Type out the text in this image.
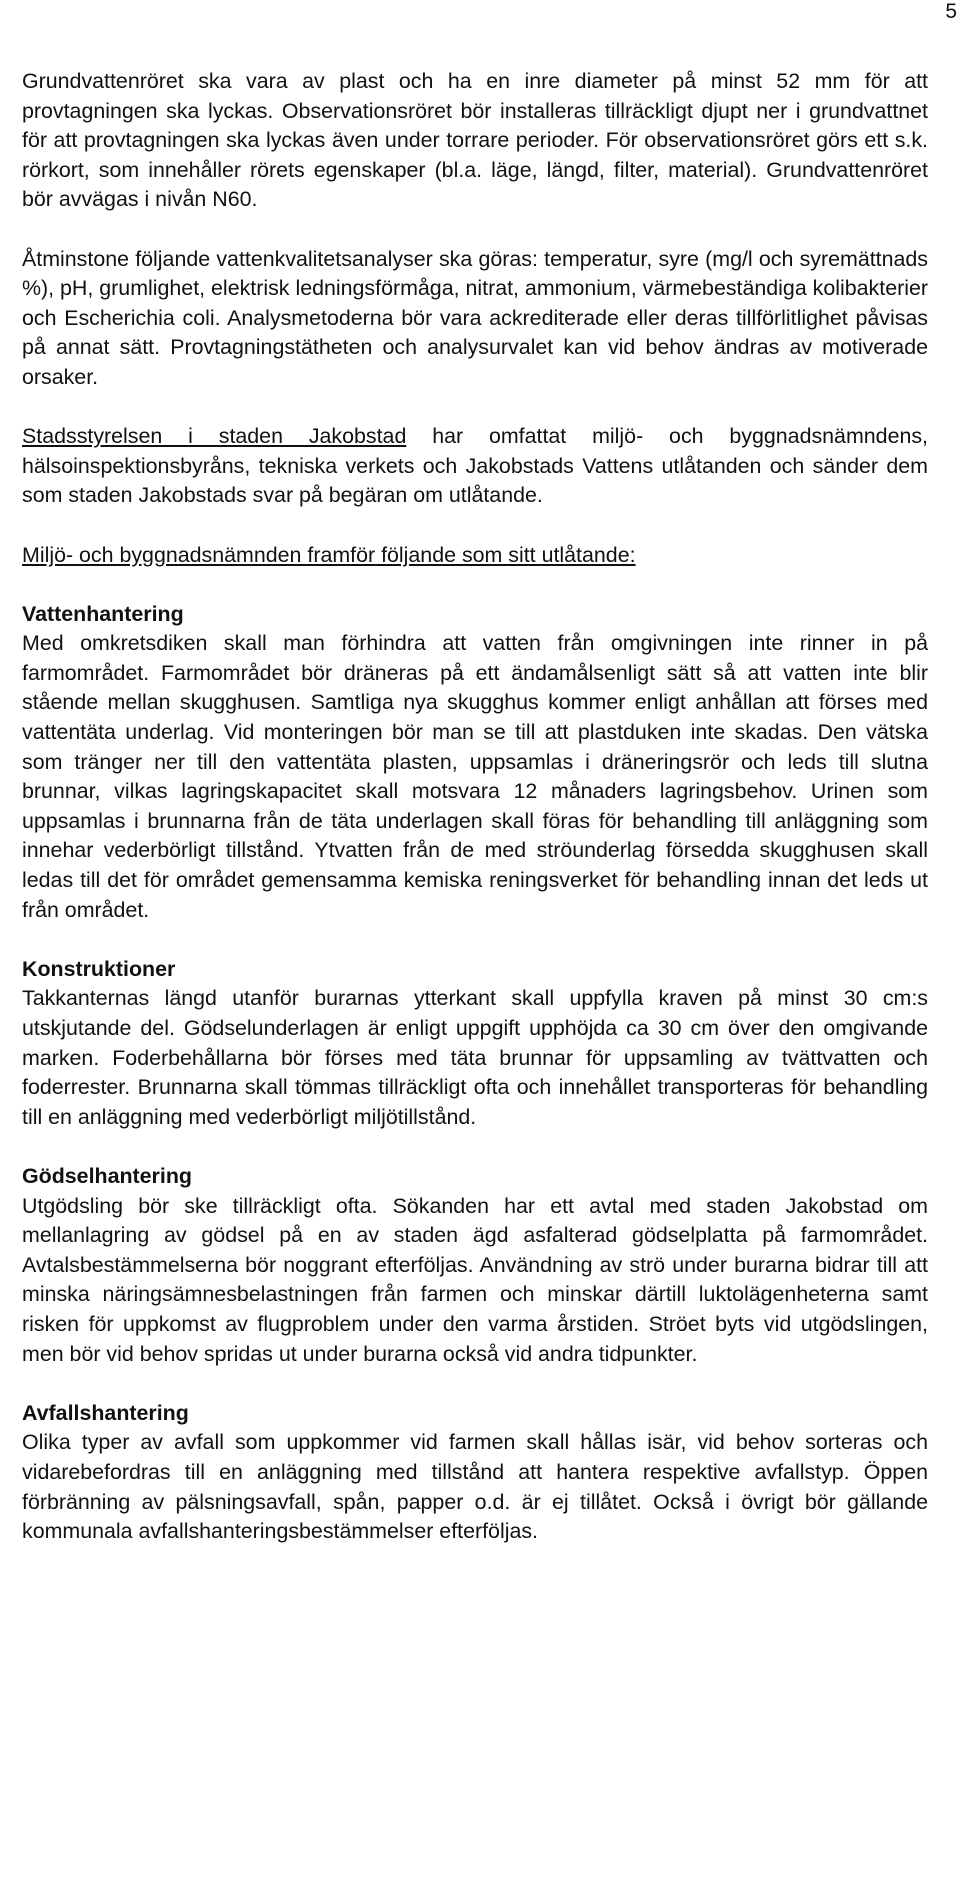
5

Grundvattenröret ska vara av plast och ha en inre diameter på minst 52 mm för att provtagningen ska lyckas. Observationsröret bör installeras tillräckligt djupt ner i grundvattnet för att provtagningen ska lyckas även under torrare perioder. För observationsröret görs ett s.k. rörkort, som innehåller rörets egenskaper (bl.a. läge, längd, filter, material). Grundvattenröret bör avvägas i nivån N60.

Åtminstone följande vattenkvalitetsanalyser ska göras: temperatur, syre (mg/l och syremättnads %), pH, grumlighet, elektrisk ledningsförmåga, nitrat, ammonium, värmebeständiga kolibakterier och Escherichia coli. Analysmetoderna bör vara ackrediterade eller deras tillförlitlighet påvisas på annat sätt. Provtagningstätheten och analysurvalet kan vid behov ändras av motiverade orsaker.

Stadsstyrelsen i staden Jakobstad har omfattat miljö- och byggnadsnämndens, hälsoinspektionsbyråns, tekniska verkets och Jakobstads Vattens utlåtanden och sänder dem som staden Jakobstads svar på begäran om utlåtande.

Miljö- och byggnadsnämnden framför följande som sitt utlåtande:

Vattenhantering

Med omkretsdiken skall man förhindra att vatten från omgivningen inte rinner in på farmområdet. Farmområdet bör dräneras på ett ändamålsenligt sätt så att vatten inte blir stående mellan skugghusen. Samtliga nya skugghus kommer enligt anhållan att förses med vattentäta underlag. Vid monteringen bör man se till att plastduken inte skadas. Den vätska som tränger ner till den vattentäta plasten, uppsamlas i dräneringsrör och leds till slutna brunnar, vilkas lagringskapacitet skall motsvara 12 månaders lagringsbehov. Urinen som uppsamlas i brunnarna från de täta underlagen skall föras för behandling till anläggning som innehar vederbörligt tillstånd. Ytvatten från de med ströunderlag försedda skugghusen skall ledas till det för området gemensamma kemiska reningsverket för behandling innan det leds ut från området.

Konstruktioner

Takkanternas längd utanför burarnas ytterkant skall uppfylla kraven på minst 30 cm:s utskjutande del. Gödselunderlagen är enligt uppgift upphöjda ca 30 cm över den omgivande marken. Foderbehållarna bör förses med täta brunnar för uppsamling av tvättvatten och foderrester. Brunnarna skall tömmas tillräckligt ofta och innehållet transporteras för behandling till en anläggning med vederbörligt miljötillstånd.

Gödselhantering

Utgödsling bör ske tillräckligt ofta. Sökanden har ett avtal med staden Jakobstad om mellanlagring av gödsel på en av staden ägd asfalterad gödselplatta på farmområdet. Avtalsbestämmelserna bör noggrant efterföljas. Användning av strö under burarna bidrar till att minska näringsämnesbelastningen från farmen och minskar därtill luktolägenheterna samt risken för uppkomst av flugproblem under den varma årstiden. Ströet byts vid utgödslingen, men bör vid behov spridas ut under burarna också vid andra tidpunkter.

Avfallshantering

Olika typer av avfall som uppkommer vid farmen skall hållas isär, vid behov sorteras och vidarebefordras till en anläggning med tillstånd att hantera respektive avfallstyp. Öppen förbränning av pälsningsavfall, spån, papper o.d. är ej tillåtet. Också i övrigt bör gällande kommunala avfallshanteringsbestämmelser efterföljas.
